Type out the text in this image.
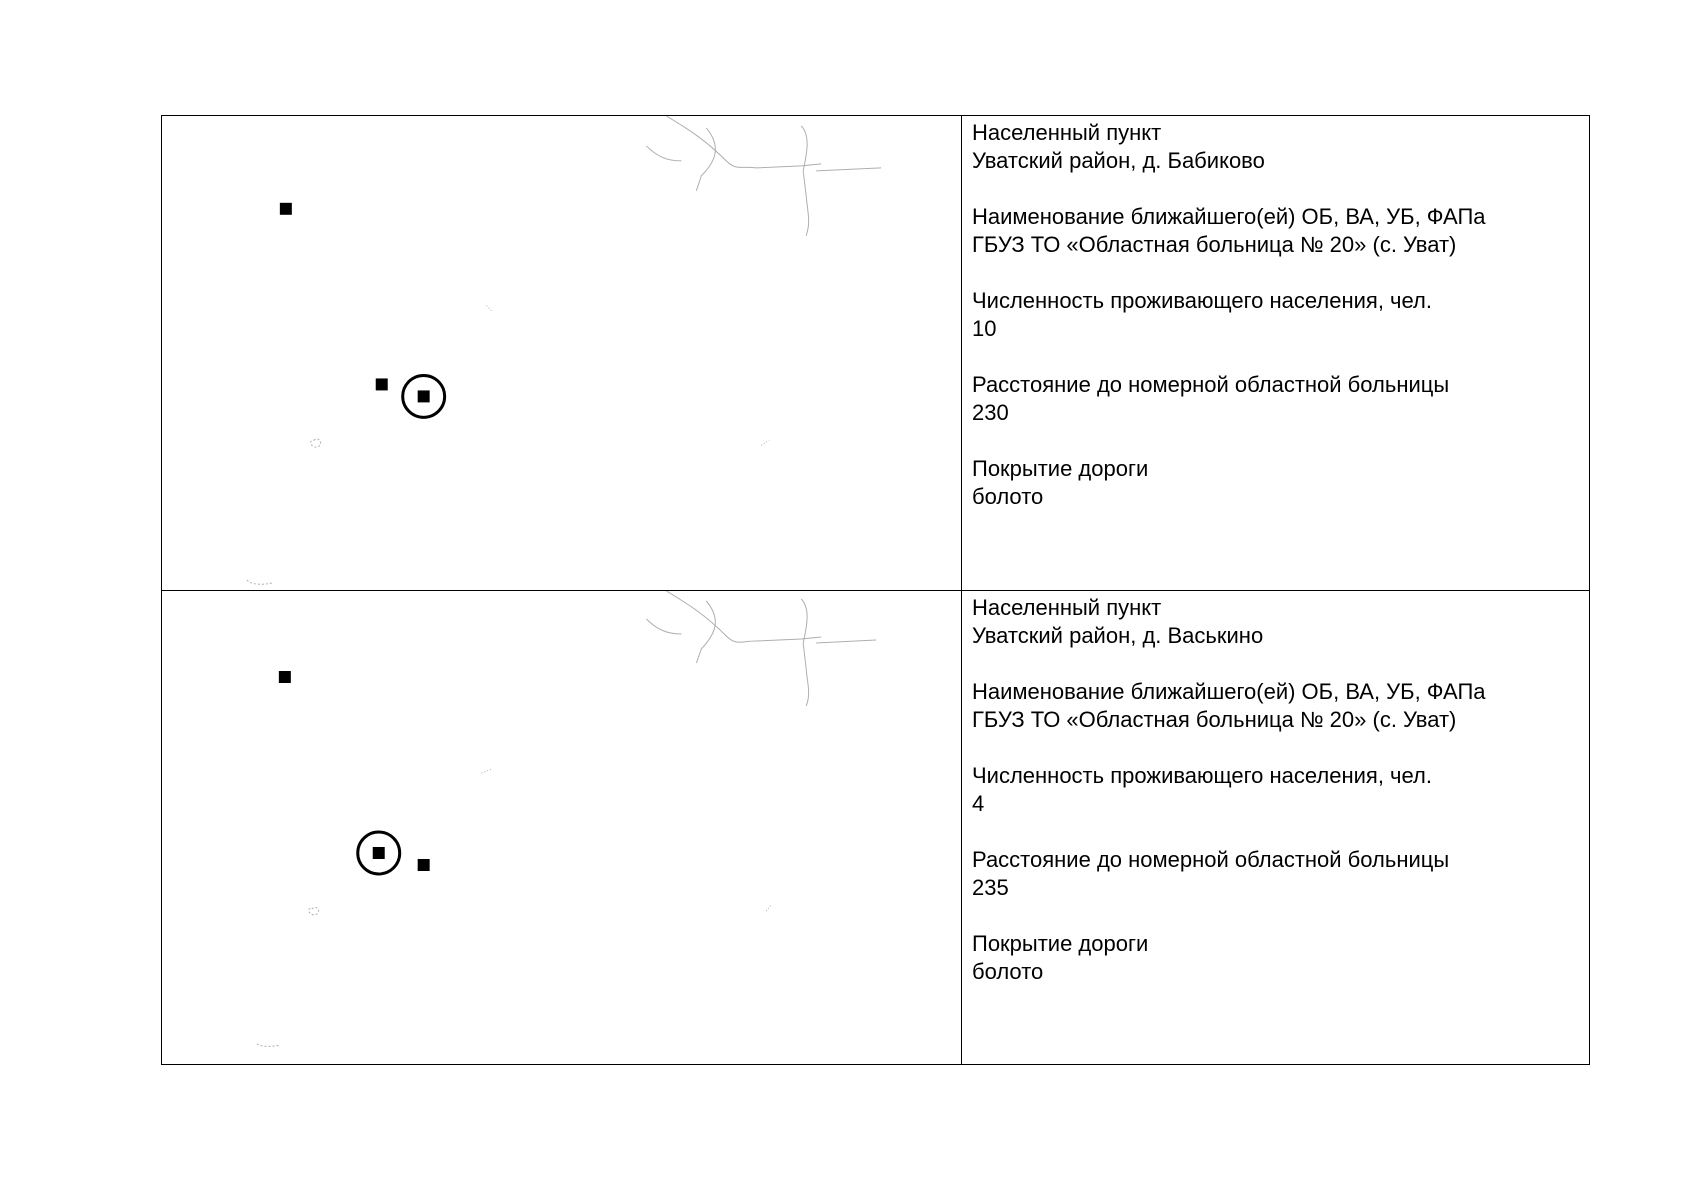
Населенный пункт
Уватский район, д. Бабиково

Наименование ближайшего(ей) ОБ, ВА, УБ, ФАПа
ГБУЗ ТО «Областная больница № 20» (с. Уват)

Численность проживающего населения, чел.
10

Расстояние до номерной областной больницы
230

Покрытие дороги
болото

Населенный пункт
Уватский район, д. Васькино

Наименование ближайшего(ей) ОБ, ВА, УБ, ФАПа
ГБУЗ ТО «Областная больница № 20» (с. Уват)

Численность проживающего населения, чел.
4

Расстояние до номерной областной больницы
235

Покрытие дороги
болото
